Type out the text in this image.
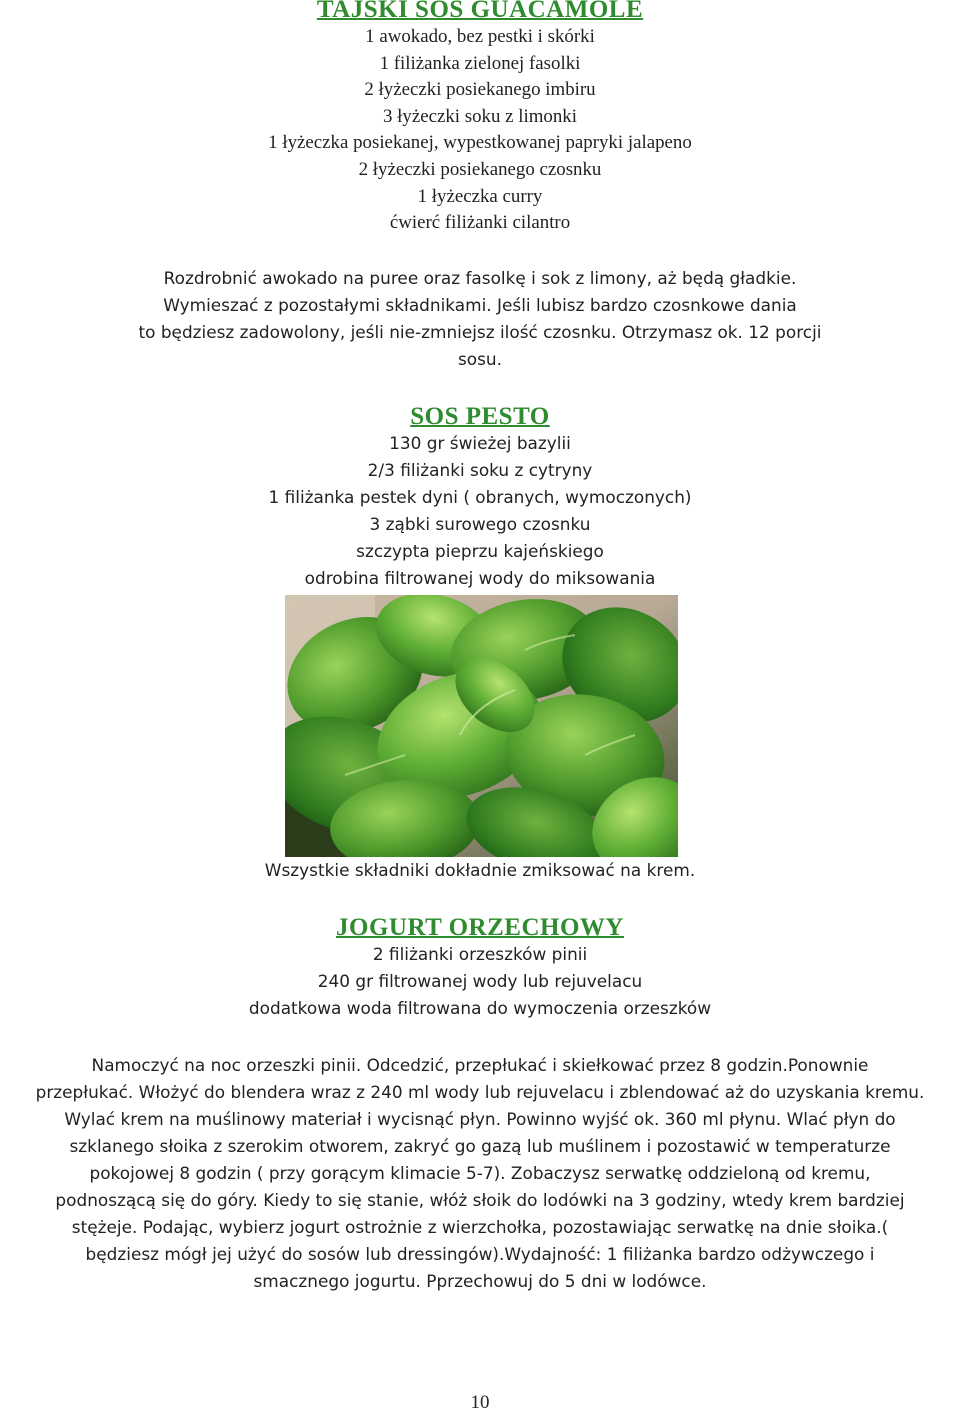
TAJSKI SOS GUACAMOLE
1 awokado, bez pestki i skórki
1 filiżanka zielonej fasolki
2 łyżeczki posiekanego imbiru
3 łyżeczki soku z limonki
1 łyżeczka posiekanej, wypestkowanej papryki jalapeno
2 łyżeczki posiekanego czosnku
1 łyżeczka curry
ćwierć filiżanki cilantro
Rozdrobnić awokado na puree oraz fasolkę i sok z limony, aż będą gładkie.
Wymieszać z pozostałymi składnikami. Jeśli lubisz bardzo czosnkowe dania
to będziesz zadowolony, jeśli nie-zmniejsz ilość czosnku. Otrzymasz ok. 12 porcji
sosu.
SOS PESTO
130 gr świeżej bazylii
2/3 filiżanki soku z cytryny
1 filiżanka pestek dyni ( obranych, wymoczonych)
3 ząbki surowego czosnku
szczypta pieprzu kajeńskiego
odrobina filtrowanej wody do miksowania
Wszystkie składniki dokładnie zmiksować na krem.
JOGURT ORZECHOWY
2 filiżanki orzeszków pinii
240 gr filtrowanej wody lub rejuvelacu
dodatkowa woda filtrowana do wymoczenia orzeszków
Namoczyć na noc orzeszki pinii. Odcedzić, przepłukać i skiełkować przez 8 godzin.Ponownie
przepłukać. Włożyć do blendera wraz z 240 ml wody lub rejuvelacu i zblendować aż do uzyskania kremu.
Wylać krem na muślinowy materiał i wycisnąć płyn. Powinno wyjść ok. 360 ml płynu. Wlać płyn do
szklanego słoika z szerokim otworem, zakryć go gazą lub muślinem i pozostawić w temperaturze
pokojowej 8 godzin ( przy gorącym klimacie 5-7). Zobaczysz serwatkę oddzieloną od kremu,
podnoszącą się do góry. Kiedy to się stanie, włóż słoik do lodówki na 3 godziny, wtedy krem bardziej
stężeje. Podając, wybierz jogurt ostrożnie z wierzchołka, pozostawiając serwatkę na dnie słoika.(
będziesz mógł jej użyć do sosów lub dressingów).Wydajność: 1 filiżanka bardzo odżywczego i
smacznego jogurtu. Pprzechowuj do 5 dni w lodówce.
10
